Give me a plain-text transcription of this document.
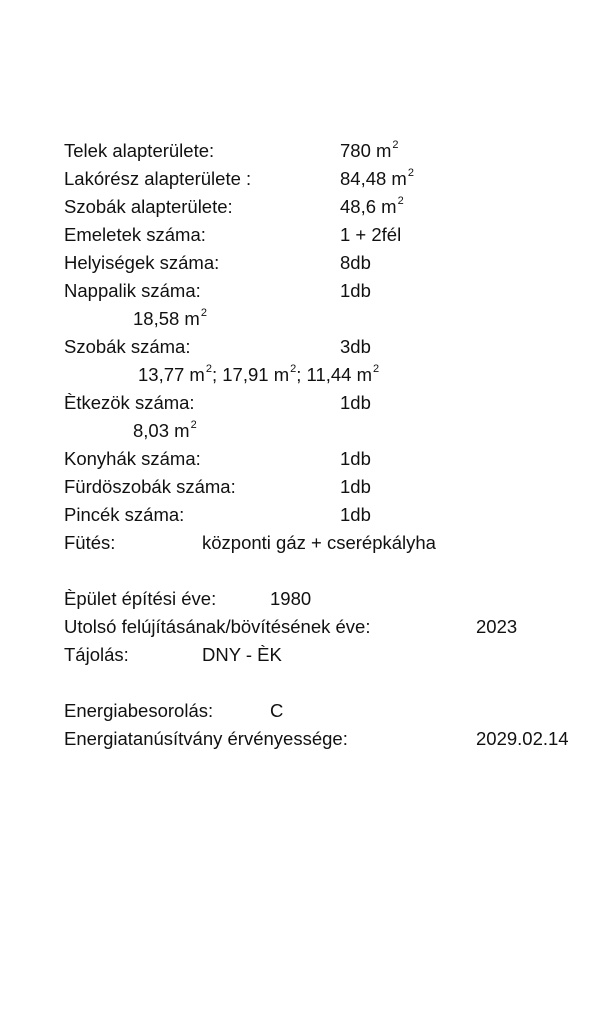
Telek alapterülete:	780 $m^2$
Lakórész alapterülete :	84,48 $m^2$
Szobák alapterülete:	48,6 $m^2$
Emeletek száma:	1 + 2fél
Helyiségek száma:	8db
Nappalik száma:	1db
18,58 $m^2$
Szobák száma:	3db
13,77 $m^2$; 17,91 $m^2$; 11,44 $m^2$
Ètkezök száma:	1db
8,03 $m^2$
Konyhák száma:	1db
Fürdöszobák száma:	1db
Pincék száma:	1db
Fütés:	központi gáz + cserépkályha
Èpület építési éve:	1980
Utolsó felújításának/bövítésének éve:	2023
Tájolás:	DNY - ÈK
Energiabesorolás:	C
Energiatanúsítvány érvényessége:	2029.02.14
